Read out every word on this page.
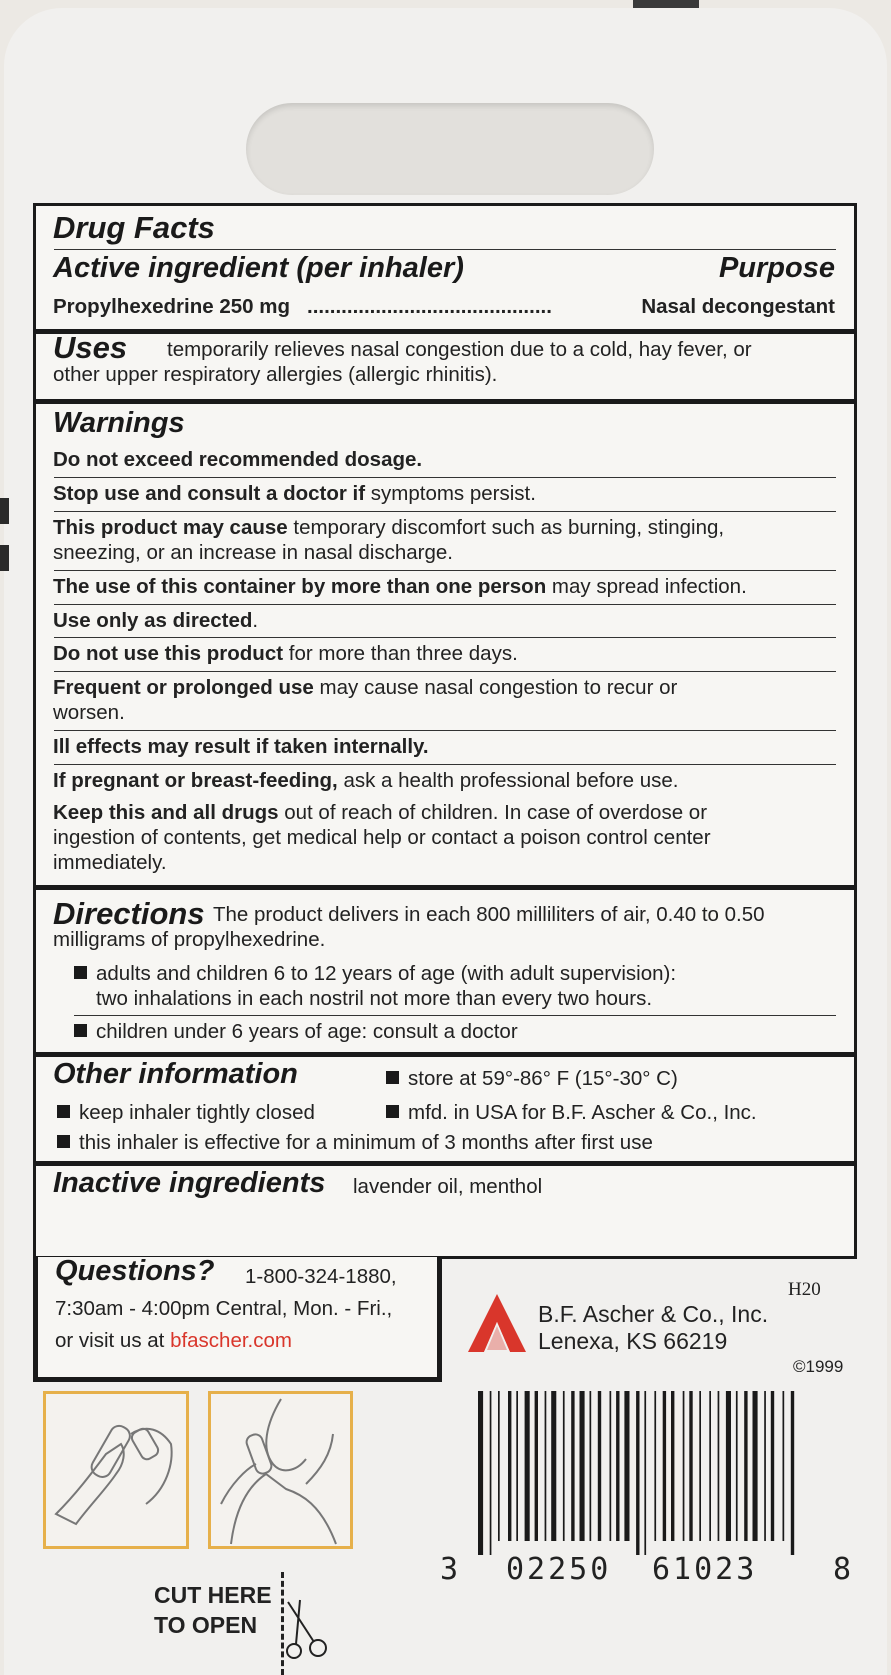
Drug Facts
Active ingredient (per inhaler)	Purpose
Propylhexedrine 250 mg ...........................................	Nasal decongestant
Uses temporarily relieves nasal congestion due to a cold, hay fever, or
other upper respiratory allergies (allergic rhinitis).
Warnings
Do not exceed recommended dosage.
Stop use and consult a doctor if symptoms persist.
This product may cause temporary discomfort such as burning, stinging,
sneezing, or an increase in nasal discharge.
The use of this container by more than one person may spread infection.
Use only as directed.
Do not use this product for more than three days.
Frequent or prolonged use may cause nasal congestion to recur or
worsen.
Ill effects may result if taken internally.
If pregnant or breast-feeding, ask a health professional before use.
Keep this and all drugs out of reach of children. In case of overdose or
ingestion of contents, get medical help or contact a poison control center
immediately.
Directions The product delivers in each 800 milliliters of air, 0.40 to 0.50
milligrams of propylhexedrine.
adults and children 6 to 12 years of age (with adult supervision):
two inhalations in each nostril not more than every two hours.
children under 6 years of age: consult a doctor
Other information	store at 59°-86° F (15°-30° C)
keep inhaler tightly closed	mfd. in USA for B.F. Ascher & Co., Inc.
this inhaler is effective for a minimum of 3 months after first use
Inactive ingredients lavender oil, menthol
Questions? 1-800-324-1880,
7:30am - 4:00pm Central, Mon. - Fri.,
or visit us at bfascher.com
H20
B.F. Ascher & Co., Inc.
Lenexa, KS 66219
©1999
3 02250 61023	8
CUT HERE
TO OPEN
